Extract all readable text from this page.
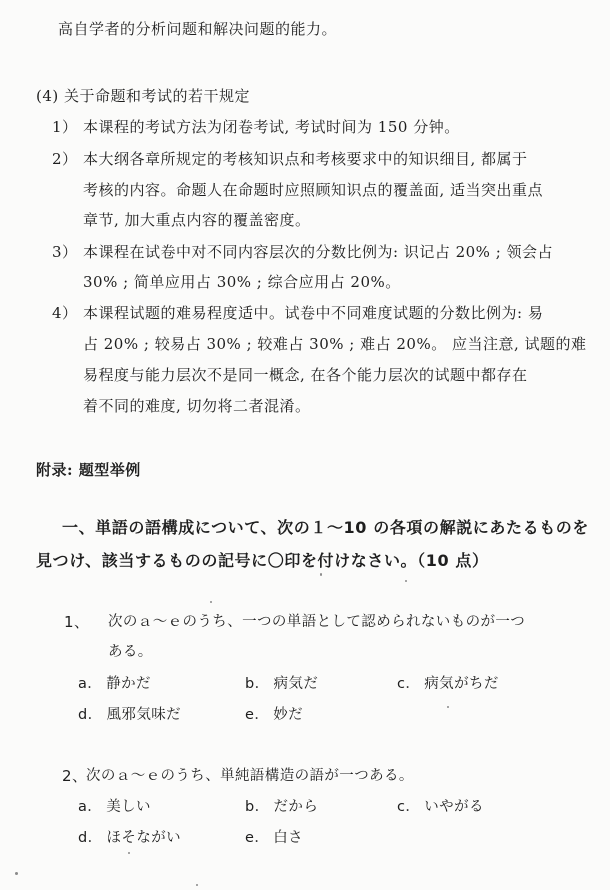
高自学者的分析问题和解决问题的能力。
(4) 关于命题和考试的若干规定
1） 本课程的考试方法为闭卷考试, 考试时间为 150 分钟。
2） 本大纲各章所规定的考核知识点和考核要求中的知识细目, 都属于
考核的内容。命题人在命题时应照顾知识点的覆盖面, 适当突出重点
章节, 加大重点内容的覆盖密度。
3） 本课程在试卷中对不同内容层次的分数比例为: 识记占 20% ; 领会占
30% ; 简单应用占 30% ; 综合应用占 20%。
4） 本课程试题的难易程度适中。试卷中不同难度试题的分数比例为: 易
占 20% ; 较易占 30% ; 较难占 30% ; 难占 20%。 应当注意, 试题的难
易程度与能力层次不是同一概念, 在各个能力层次的试题中都存在
着不同的难度, 切勿将二者混淆。
附录: 题型举例
一、単語の語構成について、次の１～10 の各項の解説にあたるものを
見つけ、該当するものの記号に〇印を付けなさい。（10 点）
1、 次のａ～ｅのうち、一つの単語として認められないものが一つ
ある。
a． 静かだ	b． 病気だ	c． 病気がちだ
d． 風邪気味だ	e． 妙だ
2、
次のａ～ｅのうち、単純語構造の語が一つある。
a． 美しい	b． だから	c． いやがる
d． ほそながい	e． 白さ
